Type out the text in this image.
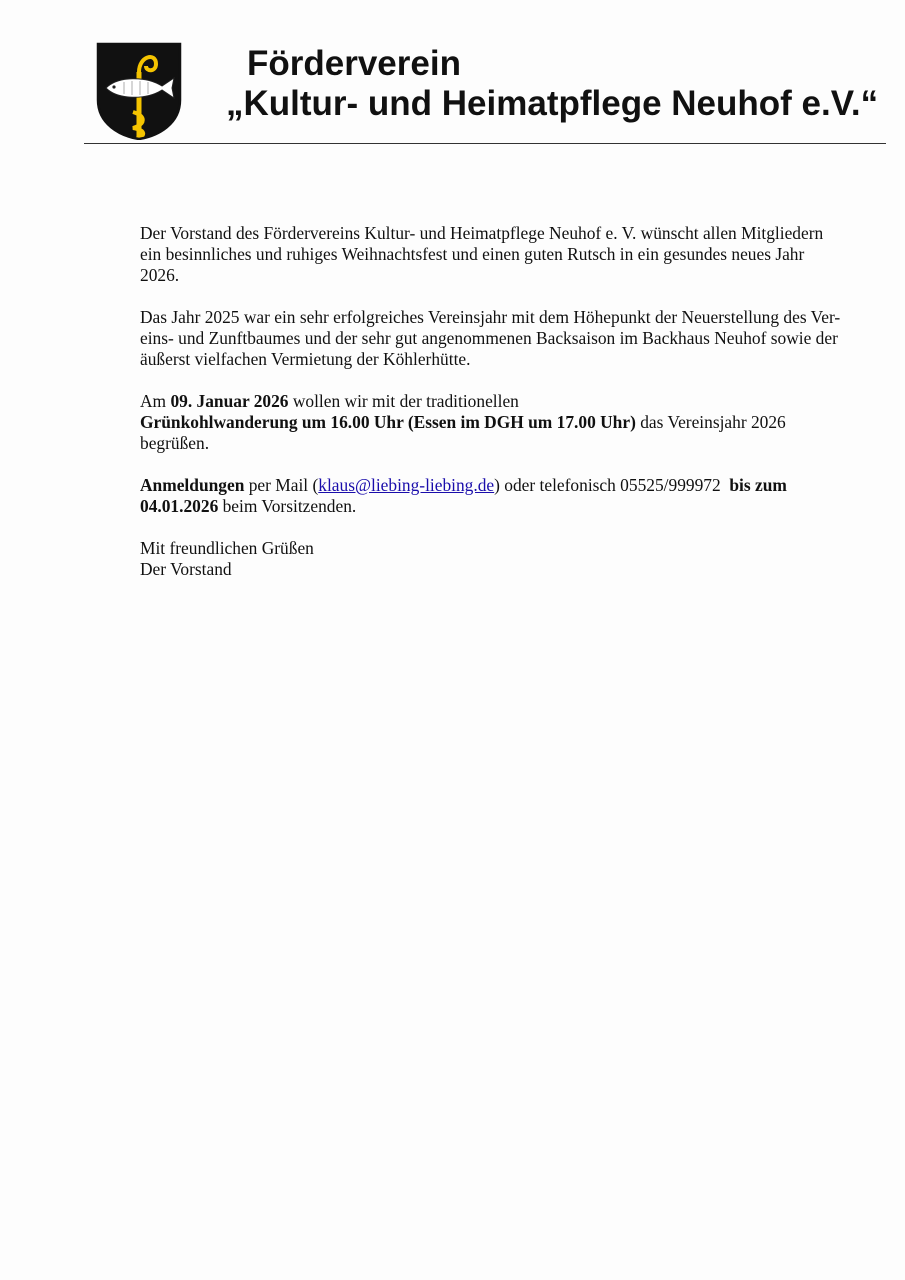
Förderverein
„Kultur- und Heimatpflege Neuhof e.V.“

Der Vorstand des Fördervereins Kultur- und Heimatpflege Neuhof e. V. wünscht allen Mitgliedern
ein besinnliches und ruhiges Weihnachtsfest und einen guten Rutsch in ein gesundes neues Jahr
2026.

Das Jahr 2025 war ein sehr erfolgreiches Vereinsjahr mit dem Höhepunkt der Neuerstellung des Ver-
eins- und Zunftbaumes und der sehr gut angenommenen Backsaison im Backhaus Neuhof sowie der
äußerst vielfachen Vermietung der Köhlerhütte.

Am 09. Januar 2026 wollen wir mit der traditionellen
Grünkohlwanderung um 16.00 Uhr (Essen im DGH um 17.00 Uhr) das Vereinsjahr 2026
begrüßen.

Anmeldungen per Mail (klaus@liebing-liebing.de) oder telefonisch 05525/999972  bis zum
04.01.2026 beim Vorsitzenden.

Mit freundlichen Grüßen
Der Vorstand
